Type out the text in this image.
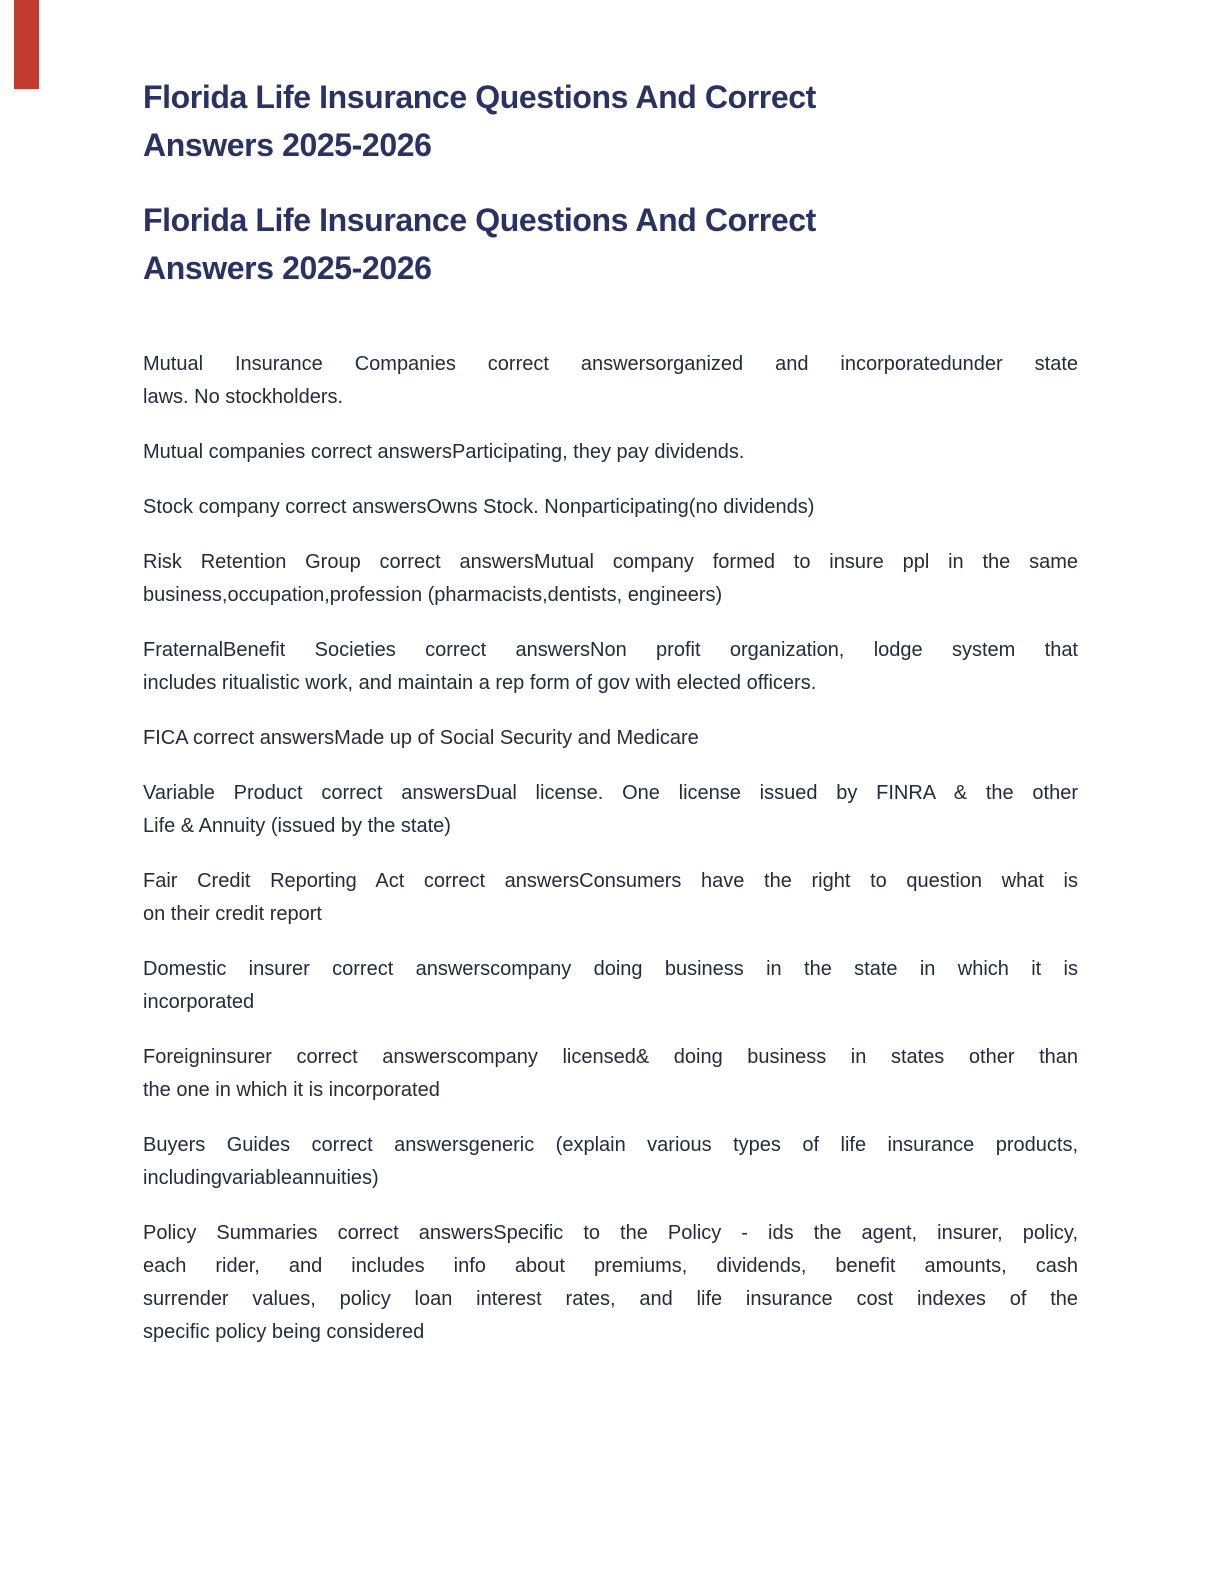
Florida Life Insurance Questions And Correct
Answers 2025-2026
Florida Life Insurance Questions And Correct
Answers 2025-2026
Mutual Insurance Companies correct answersorganized and incorporatedunder state
laws. No stockholders.
Mutual companies correct answersParticipating, they pay dividends.
Stock company correct answersOwns Stock. Nonparticipating(no dividends)
Risk Retention Group correct answersMutual company formed to insure ppl in the same
business,occupation,profession (pharmacists,dentists, engineers)
FraternalBenefit Societies correct answersNon profit organization, lodge system that
includes ritualistic work, and maintain a rep form of gov with elected officers.
FICA correct answersMade up of Social Security and Medicare
Variable Product correct answersDual license. One license issued by FINRA & the other
Life & Annuity (issued by the state)
Fair Credit Reporting Act correct answersConsumers have the right to question what is
on their credit report
Domestic insurer correct answerscompany doing business in the state in which it is
incorporated
Foreigninsurer correct answerscompany licensed& doing business in states other than
the one in which it is incorporated
Buyers Guides correct answersgeneric (explain various types of life insurance products,
includingvariableannuities)
Policy Summaries correct answersSpecific to the Policy - ids the agent, insurer, policy,
each rider, and includes info about premiums, dividends, benefit amounts, cash
surrender values, policy loan interest rates, and life insurance cost indexes of the
specific policy being considered
